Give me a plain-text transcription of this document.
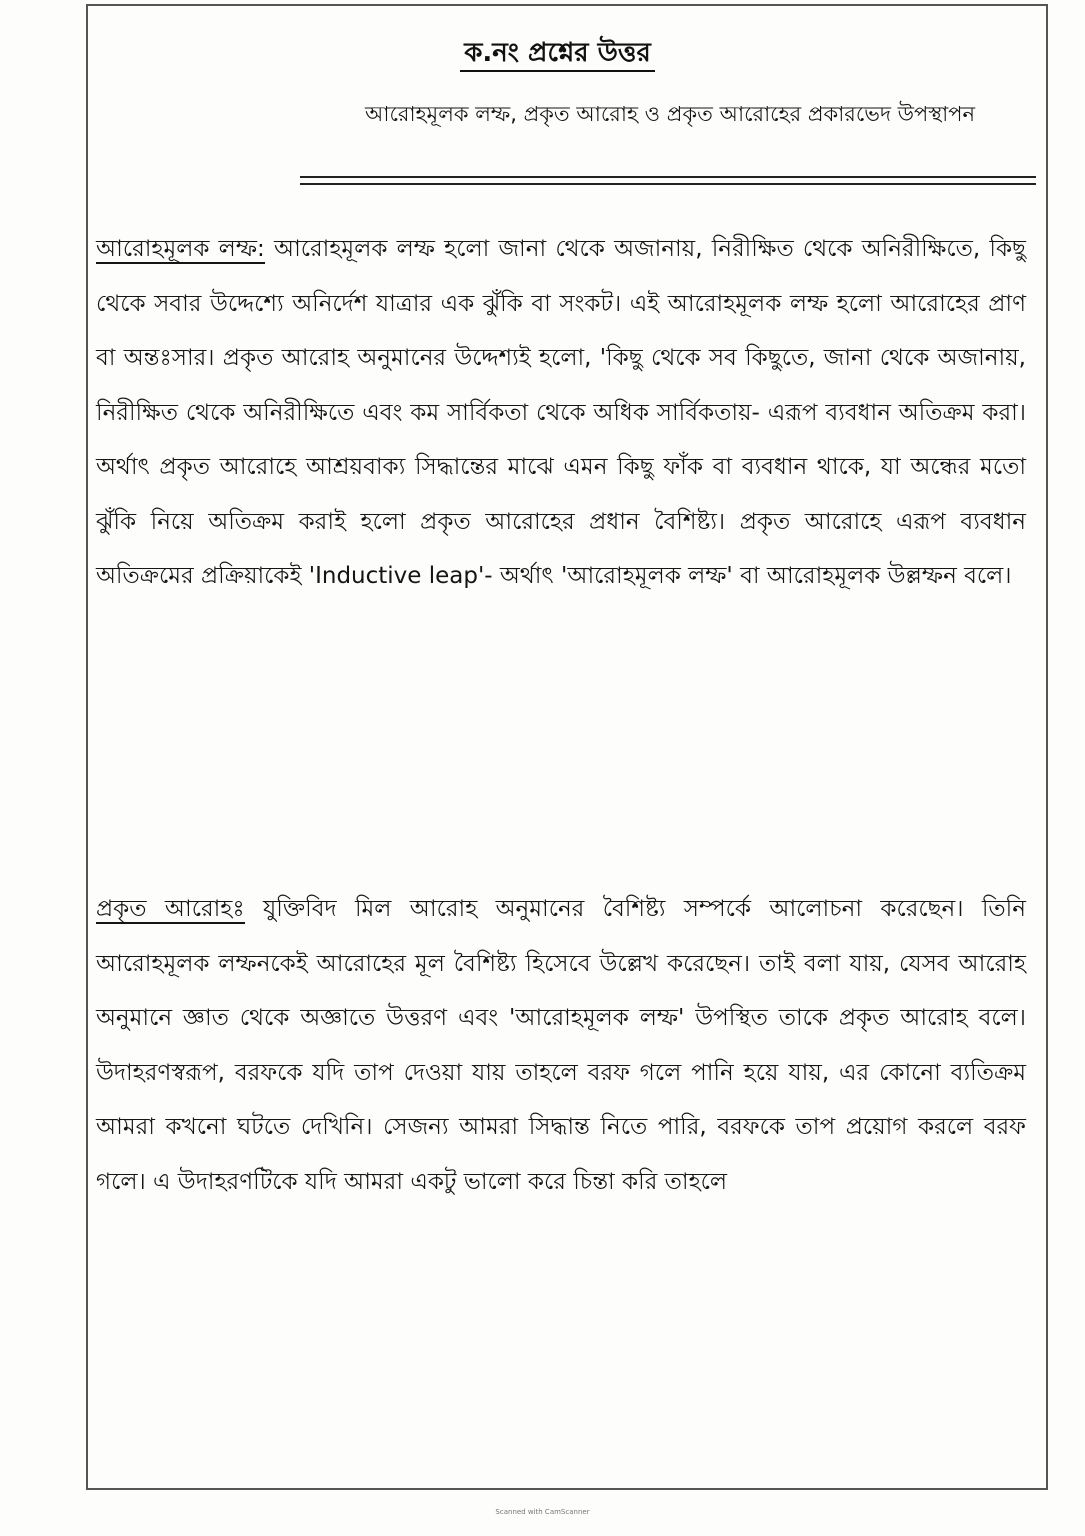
ক.নং প্রশ্নের উত্তর
আরোহমূলক লম্ফ, প্রকৃত আরোহ ও প্রকৃত আরোহের প্রকারভেদ উপস্থাপন
আরোহমূলক লম্ফ: আরোহমূলক লম্ফ হলো জানা থেকে অজানায়, নিরীক্ষিত থেকে অনিরীক্ষিতে, কিছু থেকে সবার উদ্দেশ্যে অনির্দেশ যাত্রার এক ঝুঁকি বা সংকট। এই আরোহমূলক লম্ফ হলো আরোহের প্রাণ বা অন্তঃসার। প্রকৃত আরোহ অনুমানের উদ্দেশ্যই হলো, 'কিছু থেকে সব কিছুতে, জানা থেকে অজানায়, নিরীক্ষিত থেকে অনিরীক্ষিতে এবং কম সার্বিকতা থেকে অধিক সার্বিকতায়- এরূপ ব্যবধান অতিক্রম করা। অর্থাৎ প্রকৃত আরোহে আশ্রয়বাক্য সিদ্ধান্তের মাঝে এমন কিছু ফাঁক বা ব্যবধান থাকে, যা অন্ধের মতো ঝুঁকি নিয়ে অতিক্রম করাই হলো প্রকৃত আরোহের প্রধান বৈশিষ্ট্য। প্রকৃত আরোহে এরূপ ব্যবধান অতিক্রমের প্রক্রিয়াকেই 'Inductive leap'- অর্থাৎ 'আরোহমূলক লম্ফ' বা আরোহমূলক উল্লম্ফন বলে।
প্রকৃত আরোহঃ যুক্তিবিদ মিল আরোহ অনুমানের বৈশিষ্ট্য সম্পর্কে আলোচনা করেছেন। তিনি আরোহমূলক লম্ফনকেই আরোহের মূল বৈশিষ্ট্য হিসেবে উল্লেখ করেছেন। তাই বলা যায়, যেসব আরোহ অনুমানে জ্ঞাত থেকে অজ্ঞাতে উত্তরণ এবং 'আরোহমূলক লম্ফ' উপস্থিত তাকে প্রকৃত আরোহ বলে। উদাহরণস্বরূপ, বরফকে যদি তাপ দেওয়া যায় তাহলে বরফ গলে পানি হয়ে যায়, এর কোনো ব্যতিক্রম আমরা কখনো ঘটতে দেখিনি। সেজন্য আমরা সিদ্ধান্ত নিতে পারি, বরফকে তাপ প্রয়োগ করলে বরফ গলে। এ উদাহরণটিকে যদি আমরা একটু ভালো করে চিন্তা করি তাহলে
Scanned with CamScanner
